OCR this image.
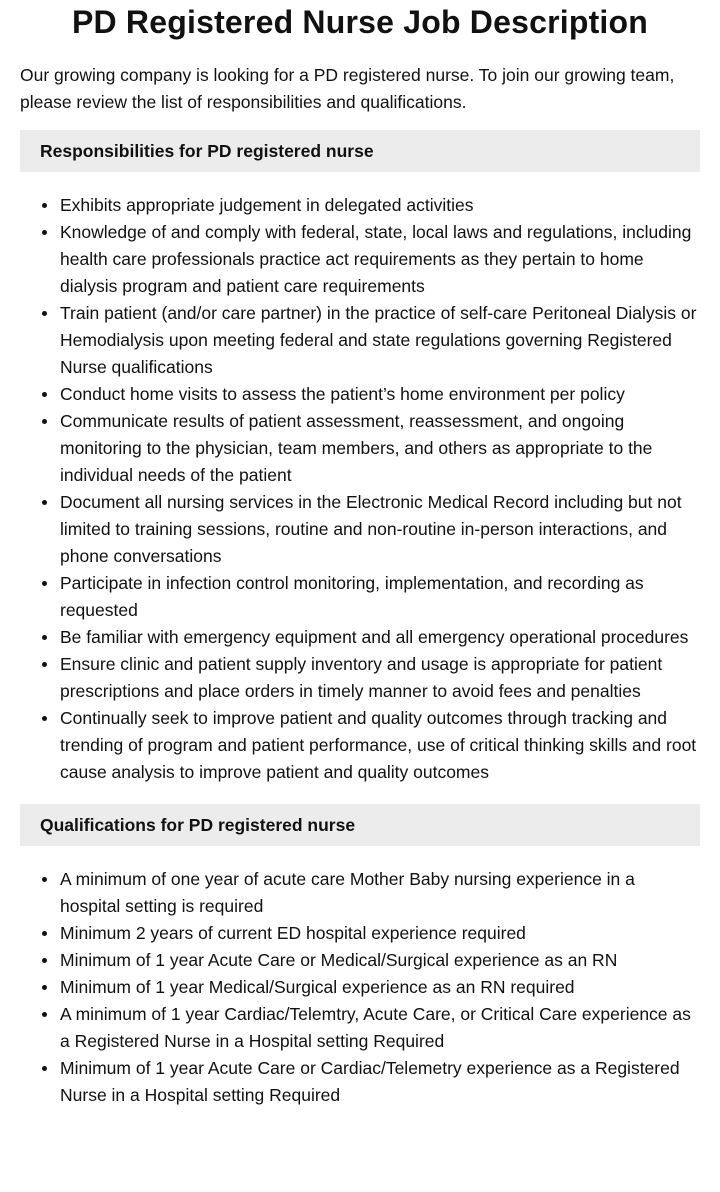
PD Registered Nurse Job Description

Our growing company is looking for a PD registered nurse. To join our growing team, please review the list of responsibilities and qualifications.

Responsibilities for PD registered nurse
Exhibits appropriate judgement in delegated activities
Knowledge of and comply with federal, state, local laws and regulations, including health care professionals practice act requirements as they pertain to home dialysis program and patient care requirements
Train patient (and/or care partner) in the practice of self-care Peritoneal Dialysis or Hemodialysis upon meeting federal and state regulations governing Registered Nurse qualifications
Conduct home visits to assess the patient’s home environment per policy
Communicate results of patient assessment, reassessment, and ongoing monitoring to the physician, team members, and others as appropriate to the individual needs of the patient
Document all nursing services in the Electronic Medical Record including but not limited to training sessions, routine and non-routine in-person interactions, and phone conversations
Participate in infection control monitoring, implementation, and recording as requested
Be familiar with emergency equipment and all emergency operational procedures
Ensure clinic and patient supply inventory and usage is appropriate for patient prescriptions and place orders in timely manner to avoid fees and penalties
Continually seek to improve patient and quality outcomes through tracking and trending of program and patient performance, use of critical thinking skills and root cause analysis to improve patient and quality outcomes
Qualifications for PD registered nurse
A minimum of one year of acute care Mother Baby nursing experience in a hospital setting is required
Minimum 2 years of current ED hospital experience required
Minimum of 1 year Acute Care or Medical/Surgical experience as an RN
Minimum of 1 year Medical/Surgical experience as an RN required
A minimum of 1 year Cardiac/Telemtry, Acute Care, or Critical Care experience as a Registered Nurse in a Hospital setting Required
Minimum of 1 year Acute Care or Cardiac/Telemetry experience as a Registered Nurse in a Hospital setting Required
